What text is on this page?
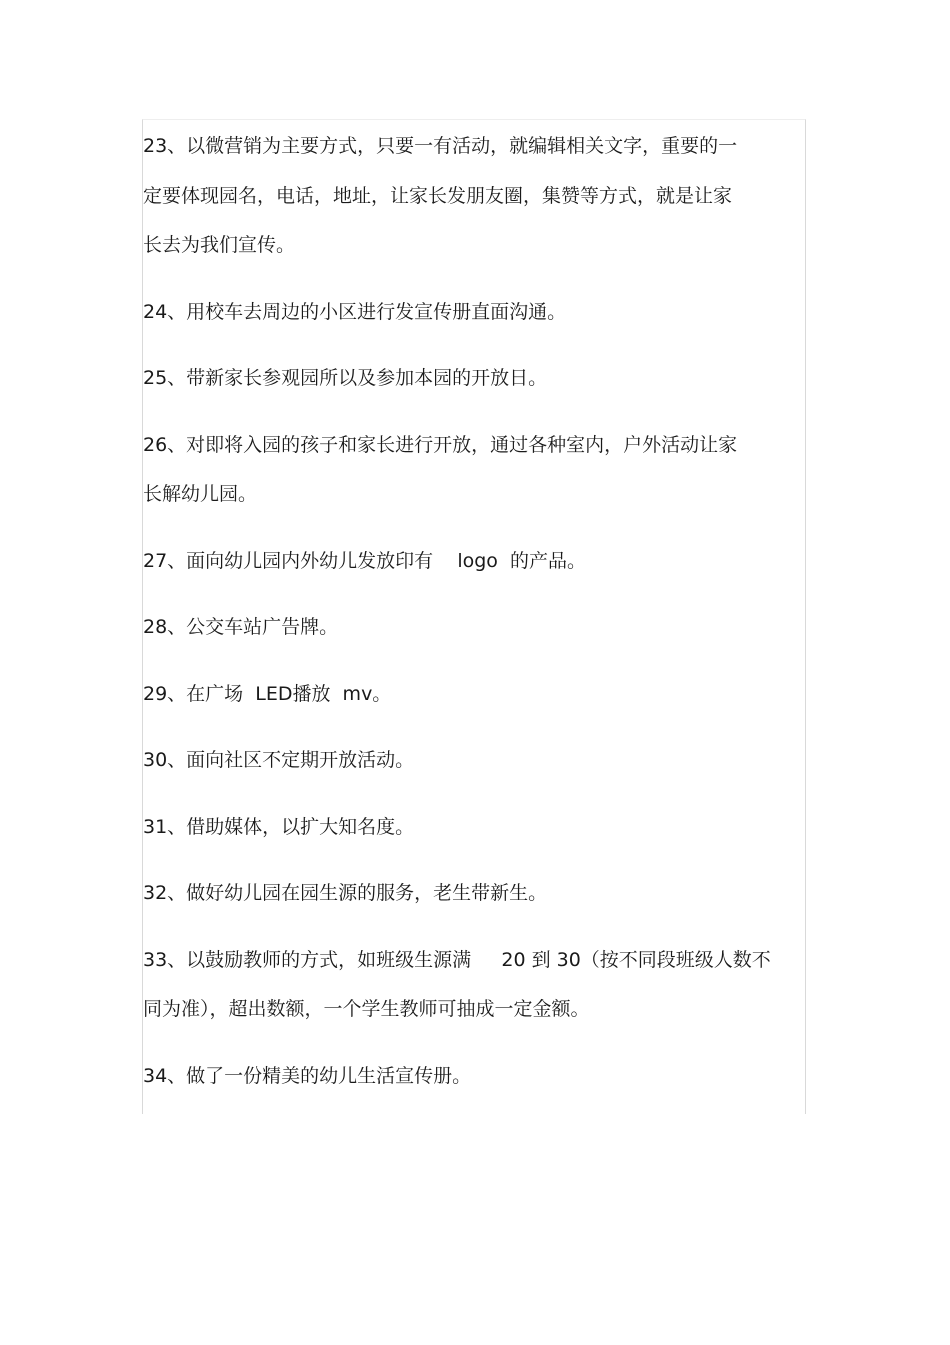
23、以微营销为主要方式，只要一有活动，就编辑相关文字，重要的一
定要体现园名，电话，地址，让家长发朋友圈，集赞等方式，就是让家
长去为我们宣传。

24、用校车去周边的小区进行发宣传册直面沟通。

25、带新家长参观园所以及参加本园的开放日。

26、对即将入园的孩子和家长进行开放，通过各种室内，户外活动让家
长解幼儿园。

27、面向幼儿园内外幼儿发放印有    logo  的产品。

28、公交车站广告牌。

29、在广场  LED播放  mv。

30、面向社区不定期开放活动。

31、借助媒体，以扩大知名度。

32、做好幼儿园在园生源的服务，老生带新生。

33、以鼓励教师的方式，如班级生源满     20 到 30（按不同段班级人数不
同为准），超出数额，一个学生教师可抽成一定金额。

34、做了一份精美的幼儿生活宣传册。
